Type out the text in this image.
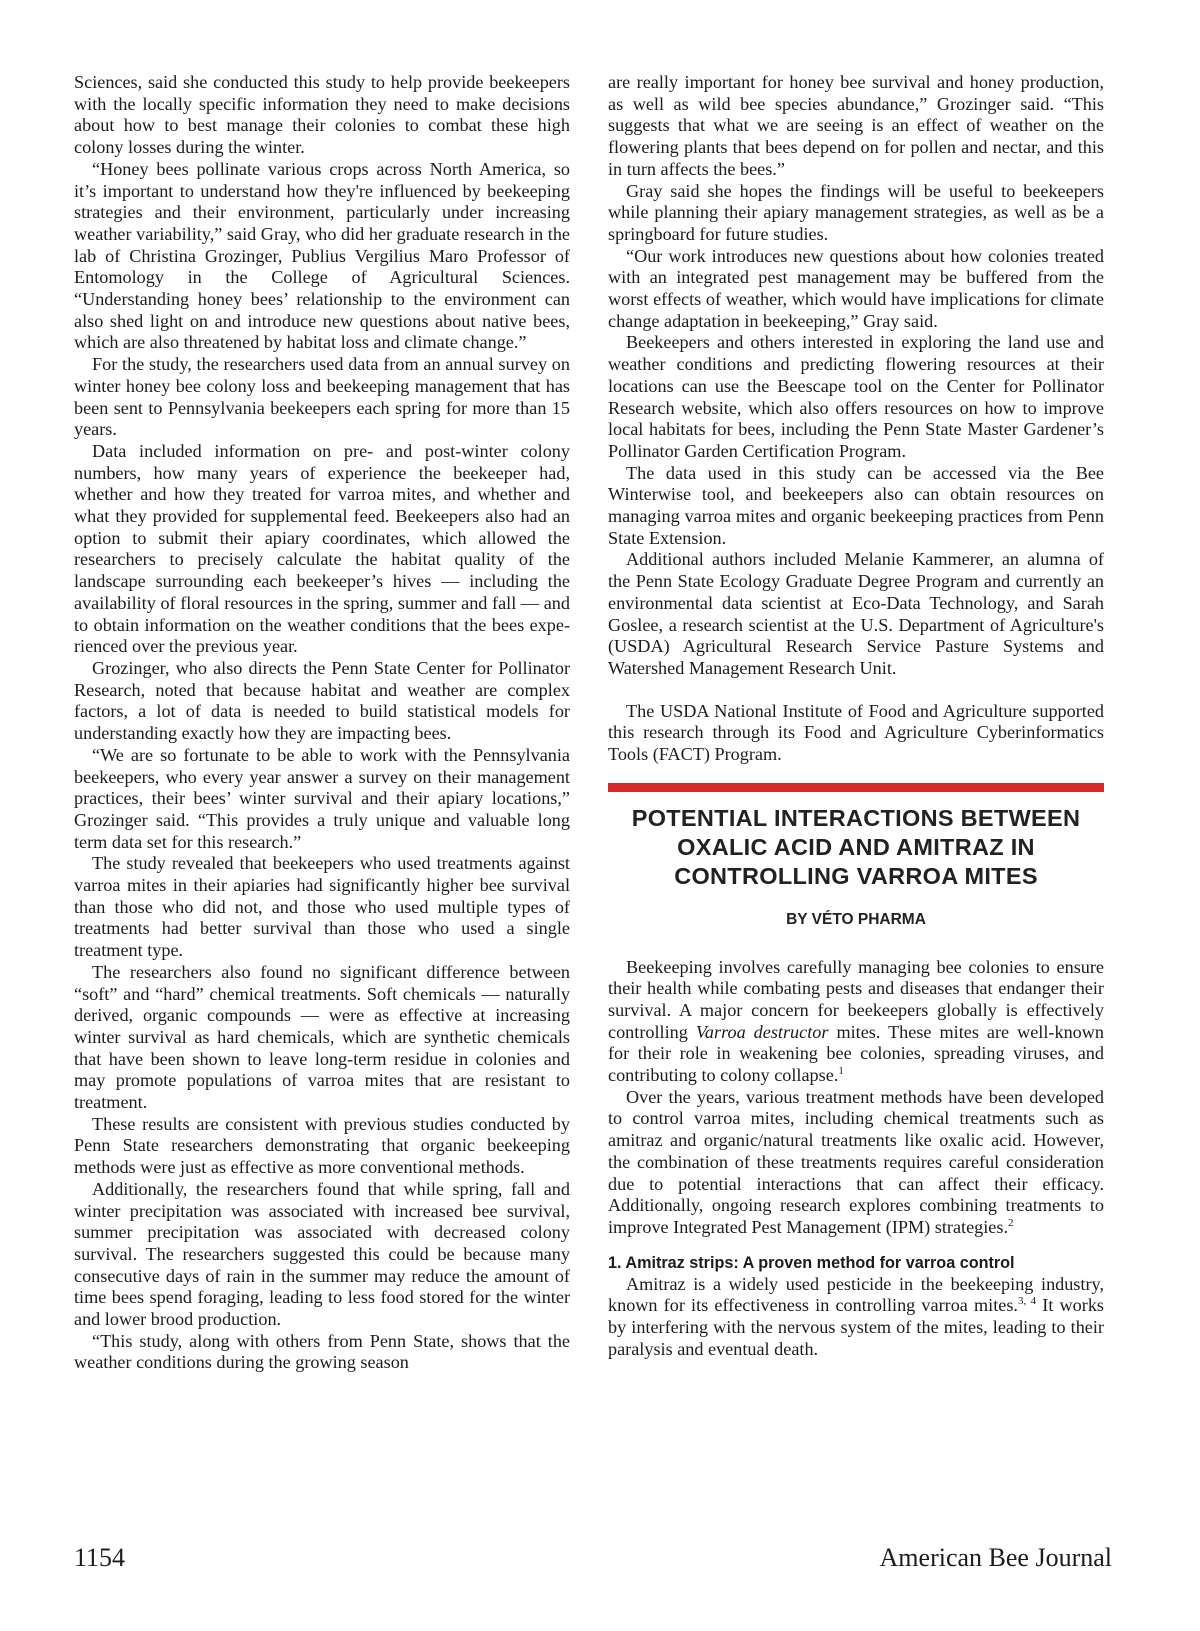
Sciences, said she conducted this study to help provide beekeepers with the locally specific information they need to make decisions about how to best manage their colonies to combat these high colony losses during the winter.

“Honey bees pollinate various crops across North America, so it’s important to understand how they're influenced by beekeeping strategies and their environment, particularly under increasing weather variability,” said Gray, who did her graduate research in the lab of Christina Grozinger, Publius Vergilius Maro Professor of Entomology in the College of Agricultural Sciences. “Understanding honey bees’ relationship to the environment can also shed light on and introduce new questions about native bees, which are also threatened by habitat loss and climate change.”

For the study, the researchers used data from an annual survey on winter honey bee colony loss and beekeeping management that has been sent to Pennsylvania beekeepers each spring for more than 15 years.

Data included information on pre- and post-winter colony numbers, how many years of experience the beekeeper had, whether and how they treated for varroa mites, and whether and what they provided for supplemental feed. Beekeepers also had an option to submit their apiary coordinates, which allowed the researchers to precisely calculate the habitat quality of the landscape surrounding each beekeeper’s hives — including the availability of floral resources in the spring, summer and fall — and to obtain information on the weather conditions that the bees experienced over the previous year.

Grozinger, who also directs the Penn State Center for Pollinator Research, noted that because habitat and weather are complex factors, a lot of data is needed to build statistical models for understanding exactly how they are impacting bees.

“We are so fortunate to be able to work with the Pennsylvania beekeepers, who every year answer a survey on their management practices, their bees’ winter survival and their apiary locations,” Grozinger said. “This provides a truly unique and valuable long term data set for this research.”

The study revealed that beekeepers who used treatments against varroa mites in their apiaries had significantly higher bee survival than those who did not, and those who used multiple types of treatments had better survival than those who used a single treatment type.

The researchers also found no significant difference between “soft” and “hard” chemical treatments. Soft chemicals — naturally derived, organic compounds — were as effective at increasing winter survival as hard chemicals, which are synthetic chemicals that have been shown to leave long-term residue in colonies and may promote populations of varroa mites that are resistant to treatment.

These results are consistent with previous studies conducted by Penn State researchers demonstrating that organic beekeeping methods were just as effective as more conventional methods.

Additionally, the researchers found that while spring, fall and winter precipitation was associated with increased bee survival, summer precipitation was associated with decreased colony survival. The researchers suggested this could be because many consecutive days of rain in the summer may reduce the amount of time bees spend foraging, leading to less food stored for the winter and lower brood production.

“This study, along with others from Penn State, shows that the weather conditions during the growing season

are really important for honey bee survival and honey production, as well as wild bee species abundance,” Grozinger said. “This suggests that what we are seeing is an effect of weather on the flowering plants that bees depend on for pollen and nectar, and this in turn affects the bees.”

Gray said she hopes the findings will be useful to beekeepers while planning their apiary management strategies, as well as be a springboard for future studies.

“Our work introduces new questions about how colonies treated with an integrated pest management may be buffered from the worst effects of weather, which would have implications for climate change adaptation in beekeeping,” Gray said.

Beekeepers and others interested in exploring the land use and weather conditions and predicting flowering resources at their locations can use the Beescape tool on the Center for Pollinator Research website, which also offers resources on how to improve local habitats for bees, including the Penn State Master Gardener’s Pollinator Garden Certification Program.

The data used in this study can be accessed via the Bee Winterwise tool, and beekeepers also can obtain resources on managing varroa mites and organic beekeeping practices from Penn State Extension.

Additional authors included Melanie Kammerer, an alumna of the Penn State Ecology Graduate Degree Program and currently an environmental data scientist at Eco-Data Technology, and Sarah Goslee, a research scientist at the U.S. Department of Agriculture's (USDA) Agricultural Research Service Pasture Systems and Watershed Management Research Unit.

The USDA National Institute of Food and Agriculture supported this research through its Food and Agriculture Cyberinformatics Tools (FACT) Program.

POTENTIAL INTERACTIONS BETWEEN OXALIC ACID AND AMITRAZ IN CONTROLLING VARROA MITES
BY VÉTO PHARMA

Beekeeping involves carefully managing bee colonies to ensure their health while combating pests and diseases that endanger their survival. A major concern for beekeepers globally is effectively controlling Varroa destructor mites. These mites are well-known for their role in weakening bee colonies, spreading viruses, and contributing to colony collapse.$^1$

Over the years, various treatment methods have been developed to control varroa mites, including chemical treatments such as amitraz and organic/natural treatments like oxalic acid. However, the combination of these treatments requires careful consideration due to potential interactions that can affect their efficacy. Additionally, ongoing research explores combining treatments to improve Integrated Pest Management (IPM) strategies.$^2$

1. Amitraz strips: A proven method for varroa control

Amitraz is a widely used pesticide in the beekeeping industry, known for its effectiveness in controlling varroa mites.$^{3, 4}$ It works by interfering with the nervous system of the mites, leading to their paralysis and eventual death.

1154	American Bee Journal
